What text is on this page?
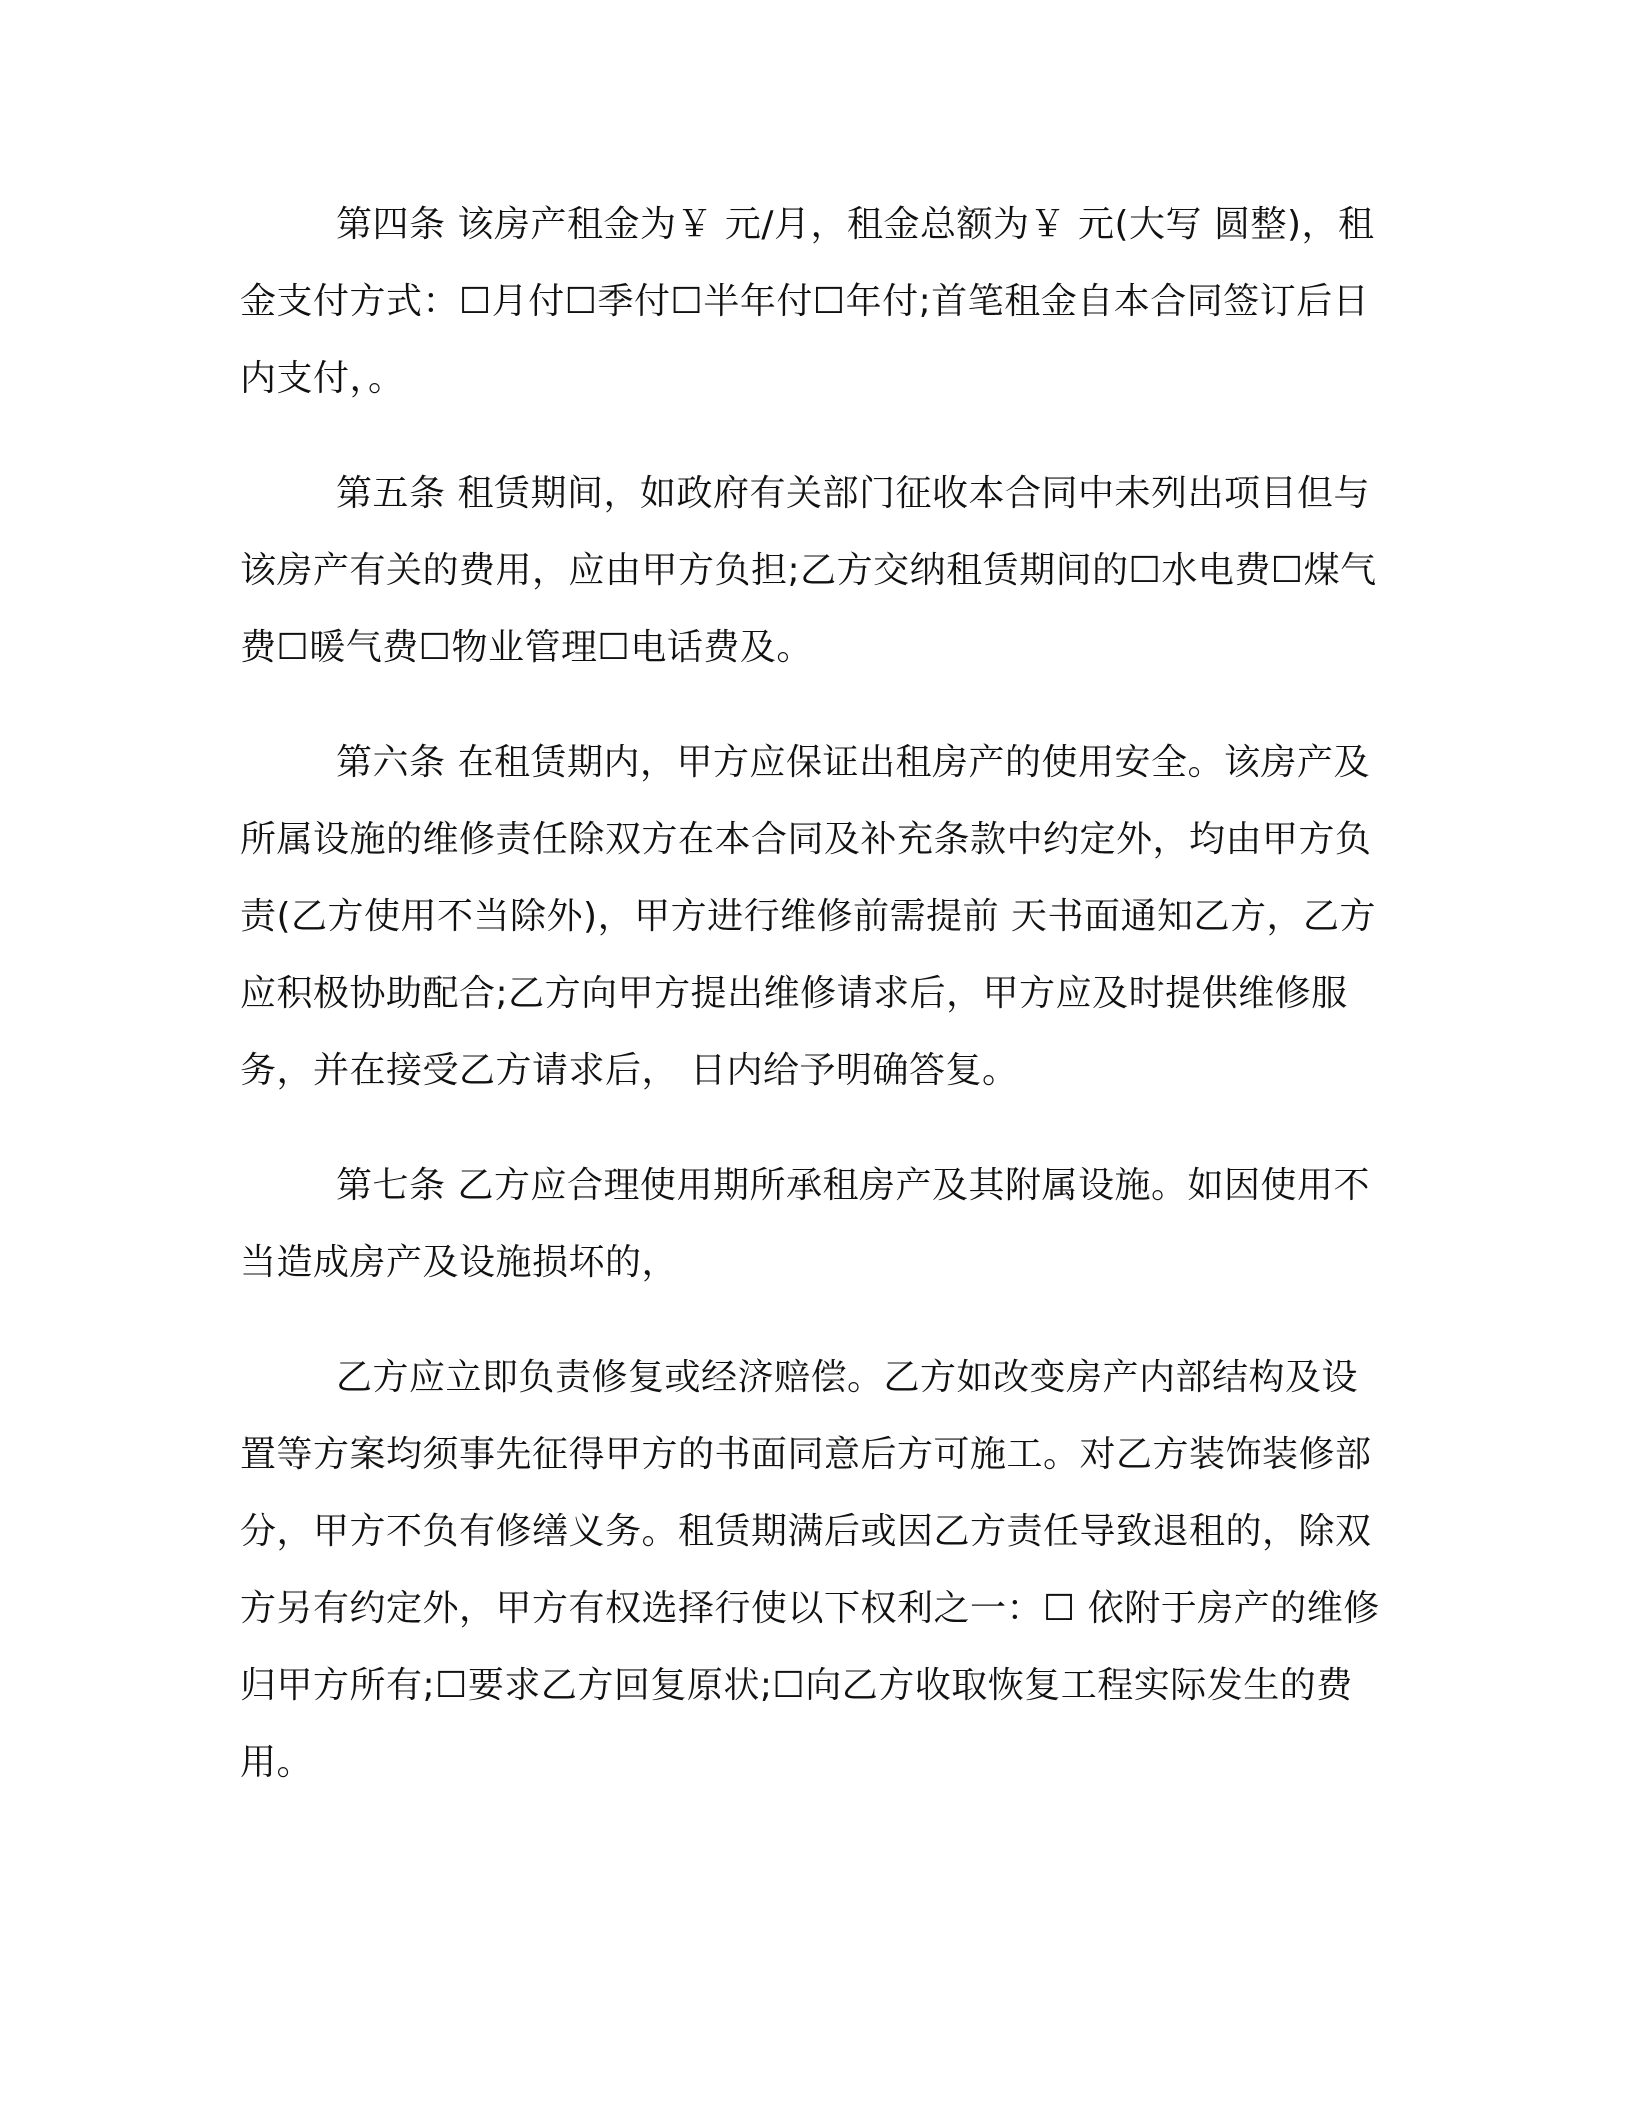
第四条 该房产租金为￥ 元/月，租金总额为￥ 元(大写 圆整)，租金支付方式：☐月付☐季付☐半年付☐年付;首笔租金自本合同签订后日内支付，。

第五条 租赁期间，如政府有关部门征收本合同中未列出项目但与该房产有关的费用，应由甲方负担;乙方交纳租赁期间的☐水电费☐煤气费☐暖气费☐物业管理☐电话费及。

第六条 在租赁期内，甲方应保证出租房产的使用安全。该房产及所属设施的维修责任除双方在本合同及补充条款中约定外，均由甲方负责(乙方使用不当除外)，甲方进行维修前需提前 天书面通知乙方，乙方应积极协助配合;乙方向甲方提出维修请求后，甲方应及时提供维修服务，并在接受乙方请求后， 日内给予明确答复。

第七条 乙方应合理使用期所承租房产及其附属设施。如因使用不当造成房产及设施损坏的，

乙方应立即负责修复或经济赔偿。乙方如改变房产内部结构及设置等方案均须事先征得甲方的书面同意后方可施工。对乙方装饰装修部分，甲方不负有修缮义务。租赁期满后或因乙方责任导致退租的，除双方另有约定外，甲方有权选择行使以下权利之一：☐ 依附于房产的维修归甲方所有;☐要求乙方回复原状;☐向乙方收取恢复工程实际发生的费用。
